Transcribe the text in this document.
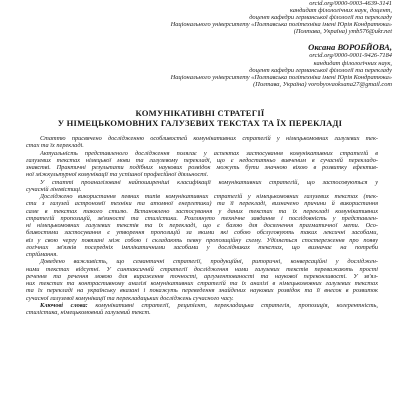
orcid.org/0000-0003-4639-3141
кандидат філологічних наук, доцент,
доцент кафедри германської філології та перекладу
Національного університету «Полтавська політехніка імені Юрія Кондратюка»
(Полтава, Україна) ymb576@ukr.net
Оксана ВОРОБЙОВА,
orcid.org/0000-0001-9426-7184
кандидат філологічних наук,
доцент кафедри германської філології та перекладу
Національного університету «Полтавська політехніка імені Юрія Кондратюка»
(Полтава, Україна) vorobyovaoksana27@gmail.com
КОМУНІКАТИВНІ СТРАТЕГІЇ
У НІМЕЦЬКОМОВНИХ ГАЛУЗЕВИХ ТЕКСТАХ ТА ЇХ ПЕРЕКЛАДІ
Статтю присвячено дослідженню особливостей комунікативних стратегій у німецькомовних галузевих тек-
стах та їх перекладі.
Актуальність представленого дослідження полягає у аспектах застосування комунікативних стратегій в
галузевих текстах німецької мови та галузевому перекладі, що є недостатньо вивченим в сучасній перекладо-
знавстві. Практичні результати подібних наукових розвідок можуть бути значною віхою в розвитку ефектив-
ної міжкультурної комунікації та успішної професійної діяльності.
У статті проаналізовані найпоширеніші класифікації комунікативних стратегій, що застосовуються у
сучасній лінгвістиці.
Досліджено використання певних типів комунікативних стратегій у німецькомовних галузевих текстах (тек-
сти з галузей астрономії техніки та атомної енергетики) та її перекладі, визначено причини й використання
саме в текстах такого стилю. Встановлено застосування у даних текстах та їх перекладі комунікативних
стратегій пропозицій, зв'язності та стилістики. Розглянуто технічне завдання і послідовність у представлен-
ні німецькомовних галузевих текстів та їх перекладі, що є базою для досягнення прагматичної мети. Осо-
бливостями застосування є утворення пропозицій за якими які собою обслуговують таких лексичні засобами,
віз у свою чергу повязані між собою і складають певну пропозиційну схему. Уділяється спостереження про появу
логічних зв'язків посередніх імплікатичними засобами у дослідниках текстах, що визначає на потреби
спріймання.
Доведено важливість, що семантичні стратегії, продукційні, риторичні, конверсаційні у досліджен-
ними текстах відсутні. У синтаксичній стратегії дослідження нами галузевих текстів переважають прості
речення та речення мовою для вираження точності, аргументованості та наукової переконливості. У зв'яз-
них текстах та контрастивному аналізі комунікативних стратегій та їх аналізі в німецькомовних галузевих текстах
та їх перекладі на українську вказані і покажуть переведення знайдених наукових розвідок та її внесок в розвиток
сучасної галузевої комунікації та перекладацьких досліджень сучасного часу.
Ключові слова: комунікативні стратегії, реципієнт, перекладацька стратегія, пропозиція, когерентність,
стилістика, німецькомовний галузевий текст.
